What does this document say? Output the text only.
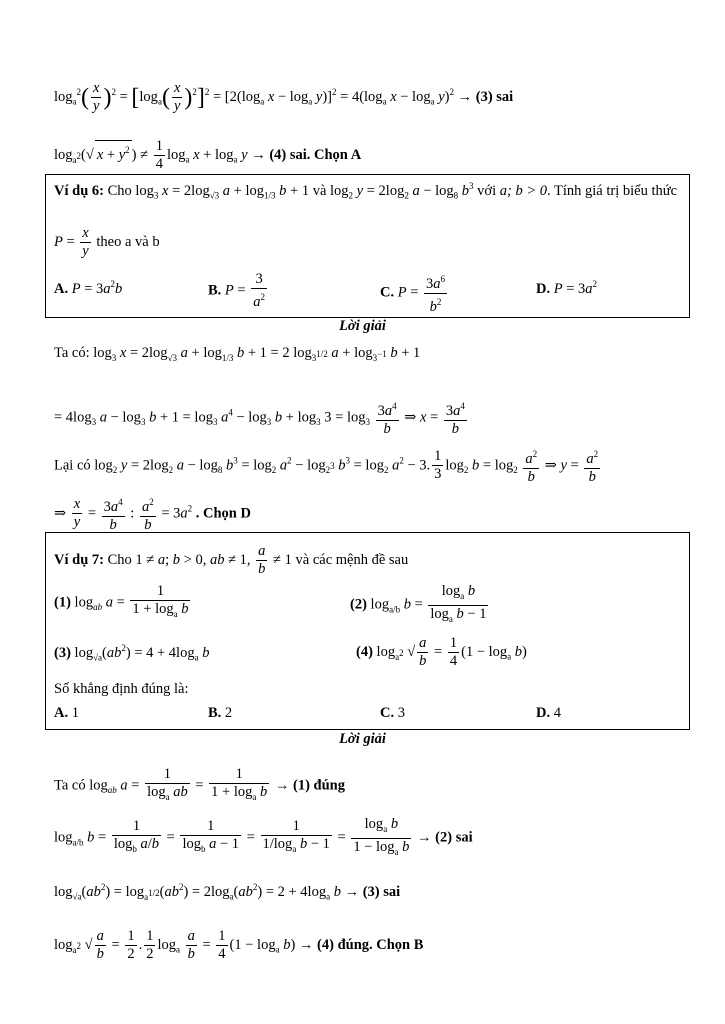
$\log_a^2( \frac{x}{y} )^2 = [\log_a( \frac{x}{y} )^2]^2 = [2(\log_a$ $x - \log_a y)]^2 = 4(\log_a$ $x - \log_a y)^2 \to (3)$ sai
$\log_{a^2}(√$ $x + y^2$ ) ≠ $\frac{1}{4} \log_a x + \log_a y \to (4)$ sai. Chọn A
Ví dụ 6: Cho $\log_3 x = 2\log_{√3}$ $a + \log_{1/3} b + 1$ và $\log_2 y = 2\log_2$ $a - \log_8 b^3$ với a; b > 0. Tính giá trị biểu thức
$P = \frac{x}{y}$ theo a và b
A. $P = 3a^2b$	B. $P = \frac{3}{a^2}$	C. $P = \frac{3a^6}{b^2}$	D. $P = 3a^2$
Lời giải
Ta có: $\log_3 x = 2\log_{√3}$ $a + \log_{1/3} b + 1 = 2$ $\log_{3^{1/2}} a + \log_{3^{-1}} b + 1$
= $4\log_3$ $a - \log_3 b + 1 = \log_3 a^4 - \log_3 b + \log_3 3 = \log_3 \frac{3a^4}{b}$ ⇒ $x = \frac{3a^4}{b}$
Lại có $\log_2 y = 2\log_2$ $a - \log_8 b^3 = \log_2 a^2 - \log_{2^3} b^3 = \log_2 a^2 - 3$. $\frac{1}{3} \log_2 b = \log_2 \frac{a^2}{b}$ ⇒ $y = \frac{a^2}{b}$
⇒ $\frac{x}{y} = \frac{3a^4}{b}$ : $\frac{a^2}{b} = 3a^2$ . Chọn D
Ví dụ 7: Cho 1 ≠ a; b > 0, ab ≠ 1, $\frac{a}{b} \ne 1$ và các mệnh đề sau
(1) $\log_{ab} a = \frac{1}{1 + \log_a b}$	(2) $\log_{a/b} b = \frac{\log_a b}{\log_a b - 1}$
(3) $\log_{√a}(ab^2) = 4 + 4\log_a$ b	(4) $\log_{a^2}$ √ $\frac{a}{b} = \frac{1}{4} (1 - \log_a b)$
Số khẳng định đúng là:
A. 1	B. 2	C. 3	D. 4
Lời giải
Ta có $\log_{ab} a = \frac{1}{\log_a ab} = \frac{1}{1 + \log_a b} \to (1)$ đúng
$\log_{a/b} b = \frac{1}{\log_b a/b} = \frac{1}{\log_b a - 1} = \frac{1}{1/\log_a b - 1} = \frac{\log_a b}{1 - \log_a b} \to (2)$ sai
$\log_{√a}(ab^2) = \log_{a^{1/2}}(ab^2) = 2\log_a(ab^2) = 2 + 4\log_a$ b → (3) sai
$\log_{a^2}$ √ $\frac{a}{b} = \frac{1}{2}$ . $\frac{1}{2} \log_a \frac{a}{b} = \frac{1}{4} (1 - \log_a b) \to (4)$ đúng. Chọn B
